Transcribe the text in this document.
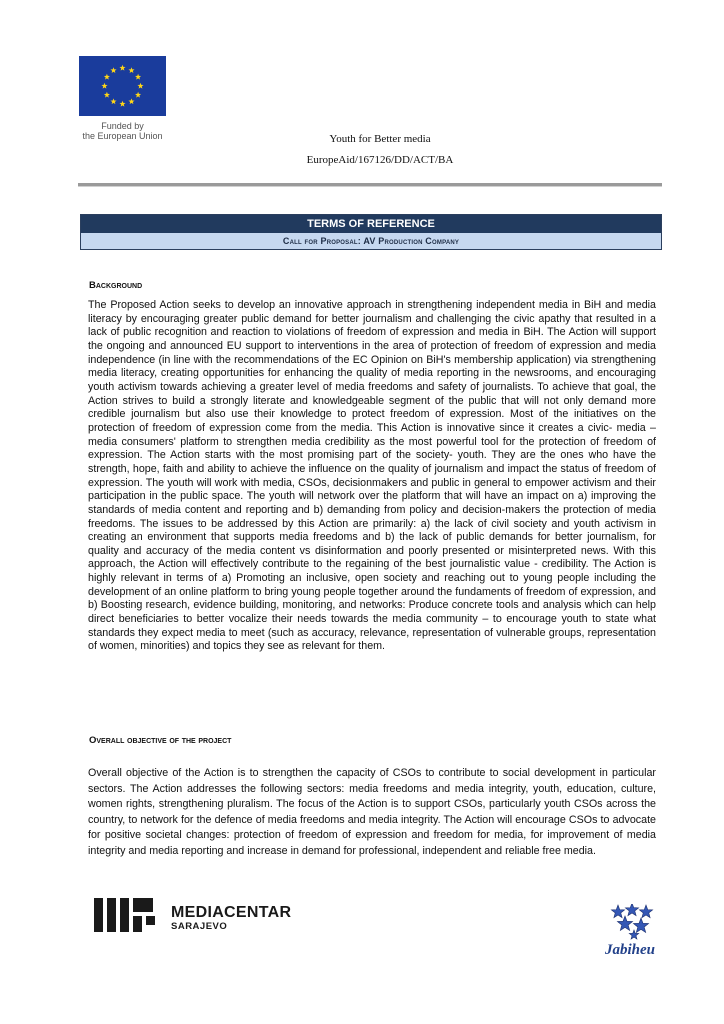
Funded by
the European Union	Youth for Better media
EuropeAid/167126/DD/ACT/BA
TERMS OF REFERENCE
Call for Proposal: AV Production Company
Background

The Proposed Action seeks to develop an innovative approach in strengthening independent media in BiH and media literacy by encouraging greater public demand for better journalism and challenging the civic apathy that resulted in a lack of public recognition and reaction to violations of freedom of expression and media in BiH. The Action will support the ongoing and announced EU support to interventions in the area of protection of freedom of expression and media independence (in line with the recommendations of the EC Opinion on BiH's membership application) via strengthening media literacy, creating opportunities for enhancing the quality of media reporting in the newsrooms, and encouraging youth activism towards achieving a greater level of media freedoms and safety of journalists. To achieve that goal, the Action strives to build a strongly literate and knowledgeable segment of the public that will not only demand more credible journalism but also use their knowledge to protect freedom of expression. Most of the initiatives on the protection of freedom of expression come from the media. This Action is innovative since it creates a civic- media –media consumers' platform to strengthen media credibility as the most powerful tool for the protection of freedom of expression. The Action starts with the most promising part of the society- youth. They are the ones who have the strength, hope, faith and ability to achieve the influence on the quality of journalism and impact the status of freedom of expression. The youth will work with media, CSOs, decisionmakers and public in general to empower activism and their participation in the public space. The youth will network over the platform that will have an impact on a) improving the standards of media content and reporting and b) demanding from policy and decision-makers the protection of media freedoms. The issues to be addressed by this Action are primarily: a) the lack of civil society and youth activism in creating an environment that supports media freedoms and b) the lack of public demands for better journalism, for quality and accuracy of the media content vs disinformation and poorly presented or misinterpreted news. With this approach, the Action will effectively contribute to the regaining of the best journalistic value - credibility. The Action is highly relevant in terms of a) Promoting an inclusive, open society and reaching out to young people including the development of an online platform to bring young people together around the fundaments of freedom of expression, and b) Boosting research, evidence building, monitoring, and networks: Produce concrete tools and analysis which can help direct beneficiaries to better vocalize their needs towards the media community – to encourage youth to state what standards they expect media to meet (such as accuracy, relevance, representation of vulnerable groups, representation of women, minorities) and topics they see as relevant for them.

Overall objective of the project

Overall objective of the Action is to strengthen the capacity of CSOs to contribute to social development in particular sectors. The Action addresses the following sectors: media freedoms and media integrity, youth, education, culture, women rights, strengthening pluralism. The focus of the Action is to support CSOs, particularly youth CSOs across the country, to network for the defence of media freedoms and media integrity. The Action will encourage CSOs to advocate for positive societal changes: protection of freedom of expression and freedom for media, for improvement of media integrity and media reporting and increase in demand for professional, independent and reliable free media.

MEDIACENTAR
SARAJEVO
Jabiheu
